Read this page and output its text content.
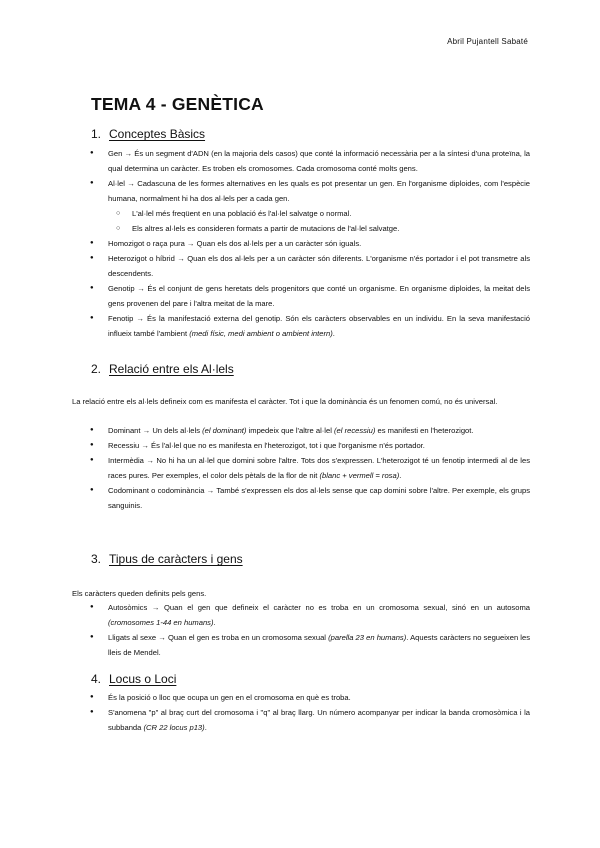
Abril Pujantell Sabaté
TEMA 4 - GENÈTICA
1. Conceptes Bàsics
● Gen → És un segment d'ADN (en la majoria dels casos) que conté la informació necessària per a la síntesi d'una proteïna, la qual determina un caràcter. Es troben els cromosomes. Cada cromosoma conté molts gens.
● Al·lel → Cadascuna de les formes alternatives en les quals es pot presentar un gen. En l'organisme diploides, com l'espècie humana, normalment hi ha dos al·lels per a cada gen.
○ L'al·lel més freqüent en una població és l'al·lel salvatge o normal.
○ Els altres al·lels es consideren formats a partir de mutacions de l'al·lel salvatge.
● Homozigot o raça pura → Quan els dos al·lels per a un caràcter són iguals.
● Heterozigot o híbrid → Quan els dos al·lels per a un caràcter són diferents. L'organisme n'és portador i el pot transmetre als descendents.
● Genotip → És el conjunt de gens heretats dels progenitors que conté un organisme. En organisme diploides, la meitat dels gens provenen del pare i l'altra meitat de la mare.
● Fenotip → És la manifestació externa del genotip. Són els caràcters observables en un individu. En la seva manifestació influeix també l'ambient (medi físic, medi ambient o ambient intern).
2. Relació entre els Al·lels

La relació entre els al·lels defineix com es manifesta el caràcter. Tot i que la dominància és un fenomen comú, no és universal.

● Dominant → Un dels al·lels (el dominant) impedeix que l'altre al·lel (el recessiu) es manifesti en l'heterozigot.
● Recessiu → És l'al·lel que no es manifesta en l'heterozigot, tot i que l'organisme n'és portador.
● Intermèdia → No hi ha un al·lel que domini sobre l'altre. Tots dos s'expressen. L'heterozigot té un fenotip intermedi al de les races pures. Per exemples, el color dels pètals de la flor de nit (blanc + vermell = rosa).
● Codominant o codominància → També s'expressen els dos al·lels sense que cap domini sobre l'altre. Per exemple, els grups sanguinis.
3. Tipus de caràcters i gens

Els caràcters queden definits pels gens.

● Autosòmics → Quan el gen que defineix el caràcter no es troba en un cromosoma sexual, sinó en un autosoma (cromosomes 1-44 en humans).
● Lligats al sexe → Quan el gen es troba en un cromosoma sexual (parella 23 en humans). Aquests caràcters no segueixen les lleis de Mendel.
4. Locus o Loci
● És la posició o lloc que ocupa un gen en el cromosoma en què es troba.
● S'anomena "p" al braç curt del cromosoma i "q" al braç llarg. Un número acompanyar per indicar la banda cromosòmica i la subbanda (CR 22 locus p13).
